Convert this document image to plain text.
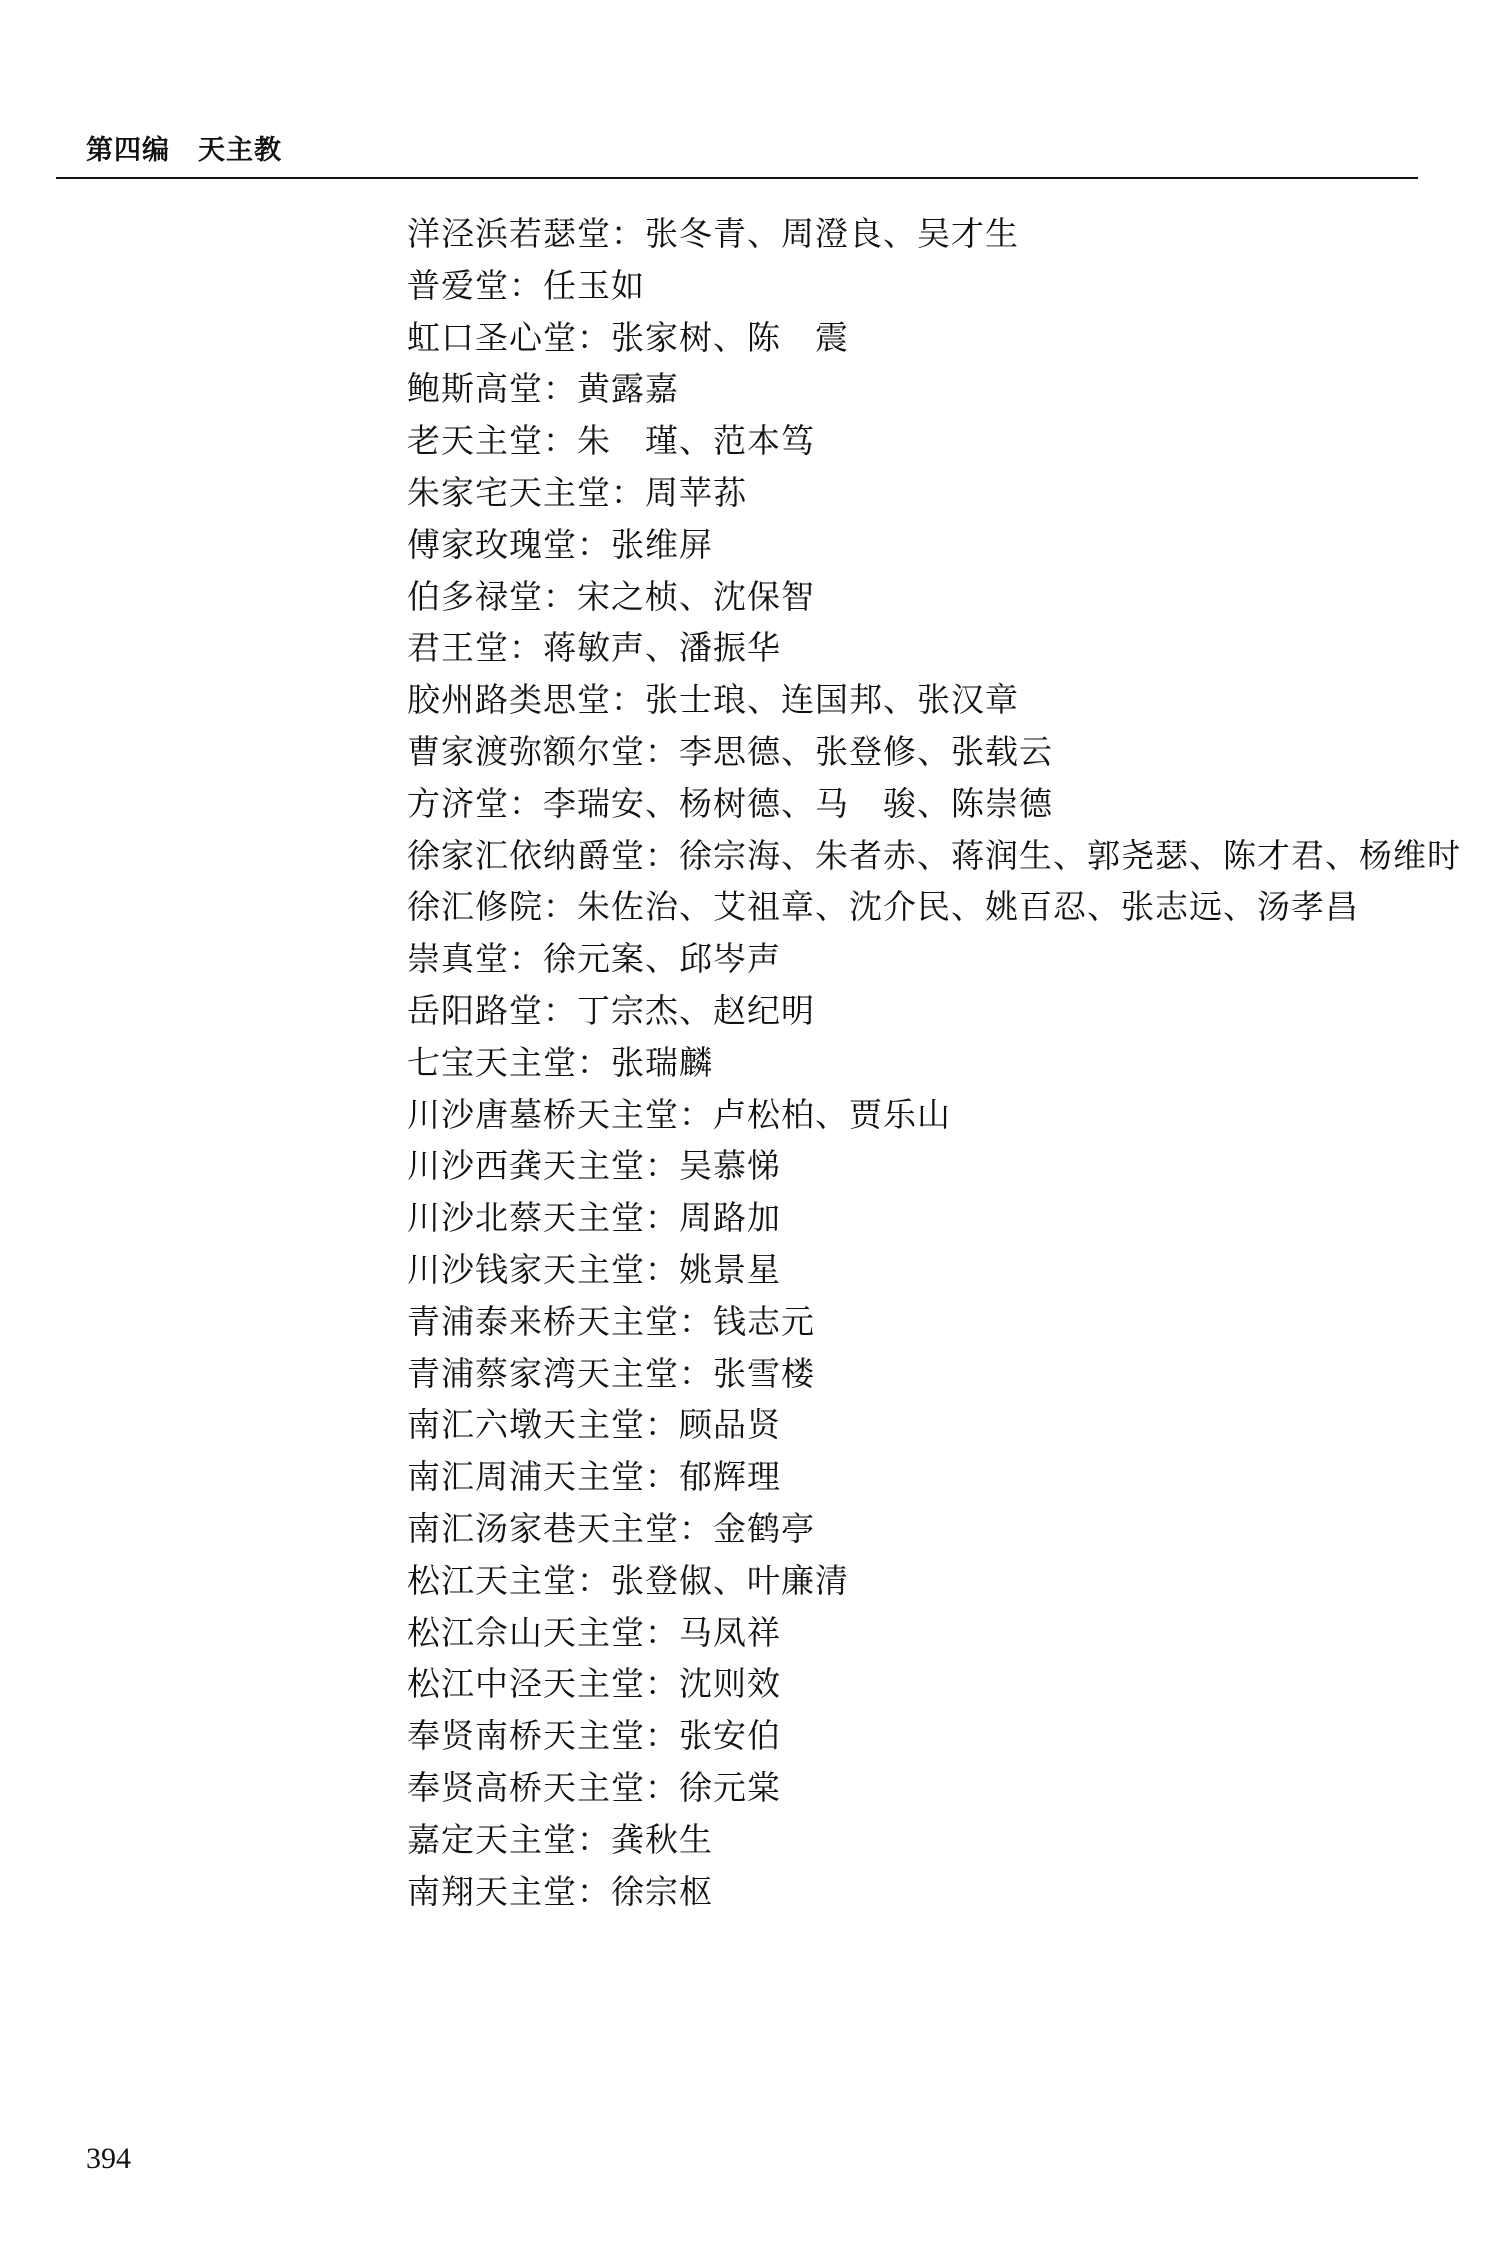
第四编　天主教
洋泾浜若瑟堂：张冬青、周澄良、吴才生
普爱堂：任玉如
虹口圣心堂：张家树、陈　震
鲍斯高堂：黄露嘉
老天主堂：朱　瑾、范本笃
朱家宅天主堂：周苹荪
傅家玫瑰堂：张维屏
伯多禄堂：宋之桢、沈保智
君王堂：蒋敏声、潘振华
胶州路类思堂：张士琅、连国邦、张汉章
曹家渡弥额尔堂：李思德、张登修、张载云
方济堂：李瑞安、杨树德、马　骏、陈崇德
徐家汇依纳爵堂：徐宗海、朱者赤、蒋润生、郭尧瑟、陈才君、杨维时
徐汇修院：朱佐治、艾祖章、沈介民、姚百忍、张志远、汤孝昌
崇真堂：徐元案、邱岑声
岳阳路堂：丁宗杰、赵纪明
七宝天主堂：张瑞麟
川沙唐墓桥天主堂：卢松柏、贾乐山
川沙西龚天主堂：吴慕悌
川沙北蔡天主堂：周路加
川沙钱家天主堂：姚景星
青浦泰来桥天主堂：钱志元
青浦蔡家湾天主堂：张雪楼
南汇六墩天主堂：顾品贤
南汇周浦天主堂：郁辉理
南汇汤家巷天主堂：金鹤亭
松江天主堂：张登俶、叶廉清
松江佘山天主堂：马凤祥
松江中泾天主堂：沈则效
奉贤南桥天主堂：张安伯
奉贤高桥天主堂：徐元棠
嘉定天主堂：龚秋生
南翔天主堂：徐宗枢
394
